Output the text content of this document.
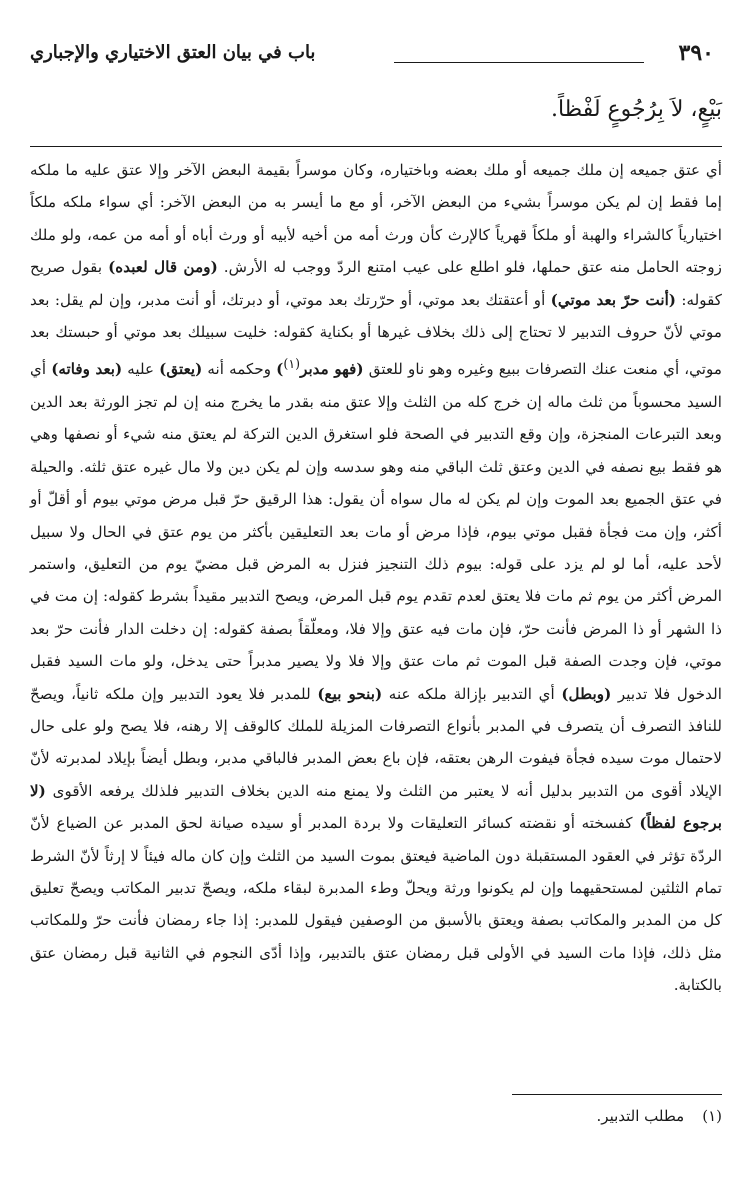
٣٩٠
باب في بيان العتق الاختياري والإجباري
بَيْعٍ، لاَ بِرُجُوعٍ لَفْظاً.

أي عتق جميعه إن ملك جميعه أو ملك بعضه وباختياره، وكان موسراً بقيمة البعض الآخر وإلا عتق عليه ما ملكه إما فقط إن لم يكن موسراً بشيء من البعض الآخر، أو مع ما أيسر به من البعض الآخر: أي سواء ملكه ملكاً اختيارياً كالشراء والهبة أو ملكاً قهرياً كالإرث كأن ورث أمه من أخيه لأبيه أو ورث أباه أو أمه من عمه، ولو ملك زوجته الحامل منه عتق حملها، فلو اطلع على عيب امتنع الردّ ووجب له الأرش. (ومن قال لعبده) بقول صريح كقوله: (أنت حرّ بعد موتي) أو أعتقتك بعد موتي، أو حرّرتك بعد موتي، أو دبرتك، أو أنت مدبر، وإن لم يقل: بعد موتي لأنّ حروف التدبير لا تحتاج إلى ذلك بخلاف غيرها أو بكناية كقوله: خليت سبيلك بعد موتي أو حبستك بعد موتي، أي منعت عنك التصرفات ببيع وغيره وهو ناو للعتق (فهو مدبر$^{(١)}$) وحكمه أنه (يعتق) عليه (بعد وفاته) أي السيد محسوباً من ثلث ماله إن خرج كله من الثلث وإلا عتق منه بقدر ما يخرج منه إن لم تجز الورثة بعد الدين وبعد التبرعات المنجزة، وإن وقع التدبير في الصحة فلو استغرق الدين التركة لم يعتق منه شيء أو نصفها وهي هو فقط بيع نصفه في الدين وعتق ثلث الباقي منه وهو سدسه وإن لم يكن دين ولا مال غيره عتق ثلثه. والحيلة في عتق الجميع بعد الموت وإن لم يكن له مال سواه أن يقول: هذا الرقيق حرّ قبل مرض موتي بيوم أو أقلّ أو أكثر، وإن مت فجأة فقبل موتي بيوم، فإذا مرض أو مات بعد التعليقين بأكثر من يوم عتق في الحال ولا سبيل لأحد عليه، أما لو لم يزد على قوله: بيوم ذلك التنجيز فنزل به المرض قبل مضيّ يوم من التعليق، واستمر المرض أكثر من يوم ثم مات فلا يعتق لعدم تقدم يوم قبل المرض، ويصح التدبير مقيداً بشرط كقوله: إن مت في ذا الشهر أو ذا المرض فأنت حرّ، فإن مات فيه عتق وإلا فلا، ومعلّقاً بصفة كقوله: إن دخلت الدار فأنت حرّ بعد موتي، فإن وجدت الصفة قبل الموت ثم مات عتق وإلا فلا ولا يصير مدبراً حتى يدخل، ولو مات السيد فقبل الدخول فلا تدبير (وبطل) أي التدبير بإزالة ملكه عنه (بنحو بيع) للمدبر فلا يعود التدبير وإن ملكه ثانياً، ويصحّ للنافذ التصرف أن يتصرف في المدبر بأنواع التصرفات المزيلة للملك كالوقف إلا رهنه، فلا يصح ولو على حال لاحتمال موت سيده فجأة فيفوت الرهن بعتقه، فإن باع بعض المدبر فالباقي مدبر، وبطل أيضاً بإيلاد لمدبرته لأنّ الإيلاد أقوى من التدبير بدليل أنه لا يعتبر من الثلث ولا يمنع منه الدين بخلاف التدبير فلذلك يرفعه الأقوى (لا برجوع لفظاً) كفسخته أو نقضته كسائر التعليقات ولا بردة المدبر أو سيده صيانة لحق المدبر عن الضياع لأنّ الردّة تؤثر في العقود المستقبلة دون الماضية فيعتق بموت السيد من الثلث وإن كان ماله فيئاً لا إرثاً لأنّ الشرط تمام الثلثين لمستحقيهما وإن لم يكونوا ورثة ويحلّ وطء المدبرة لبقاء ملكه، ويصحّ تدبير المكاتب ويصحّ تعليق كل من المدبر والمكاتب بصفة ويعتق بالأسبق من الوصفين فيقول للمدبر: إذا جاء رمضان فأنت حرّ وللمكاتب مثل ذلك، فإذا مات السيد في الأولى قبل رمضان عتق بالتدبير، وإذا أدّى النجوم في الثانية قبل رمضان عتق بالكتابة.

(١)مطلب التدبير.
